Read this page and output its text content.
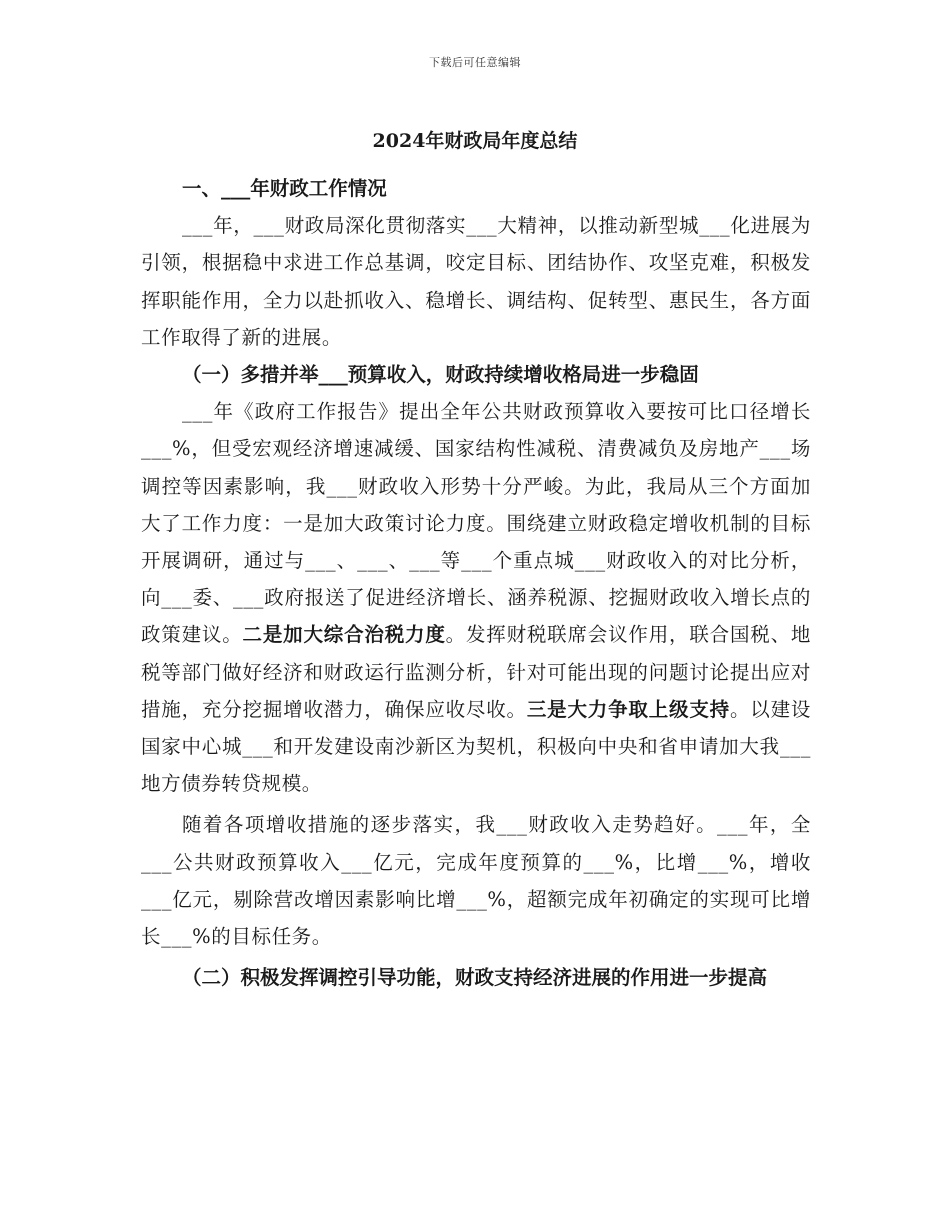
下载后可任意编辑
2024年财政局年度总结

一、___年财政工作情况

___年，___财政局深化贯彻落实___大精神，以推动新型城___化进展为引领，根据稳中求进工作总基调，咬定目标、团结协作、攻坚克难，积极发挥职能作用，全力以赴抓收入、稳增长、调结构、促转型、惠民生，各方面工作取得了新的进展。

（一）多措并举___预算收入，财政持续增收格局进一步稳固

___年《政府工作报告》提出全年公共财政预算收入要按可比口径增长___%，但受宏观经济增速减缓、国家结构性减税、清费减负及房地产___场调控等因素影响，我___财政收入形势十分严峻。为此，我局从三个方面加大了工作力度：一是加大政策讨论力度。围绕建立财政稳定增收机制的目标开展调研，通过与___、___、___等___个重点城___财政收入的对比分析，向___委、___政府报送了促进经济增长、涵养税源、挖掘财政收入增长点的政策建议。二是加大综合治税力度。发挥财税联席会议作用，联合国税、地税等部门做好经济和财政运行监测分析，针对可能出现的问题讨论提出应对措施，充分挖掘增收潜力，确保应收尽收。三是大力争取上级支持。以建设国家中心城___和开发建设南沙新区为契机，积极向中央和省申请加大我___地方债券转贷规模。

随着各项增收措施的逐步落实，我___财政收入走势趋好。___年，全___公共财政预算收入___亿元，完成年度预算的___%，比增___%，增收___亿元，剔除营改增因素影响比增___%，超额完成年初确定的实现可比增长___%的目标任务。

（二）积极发挥调控引导功能，财政支持经济进展的作用进一步提高
